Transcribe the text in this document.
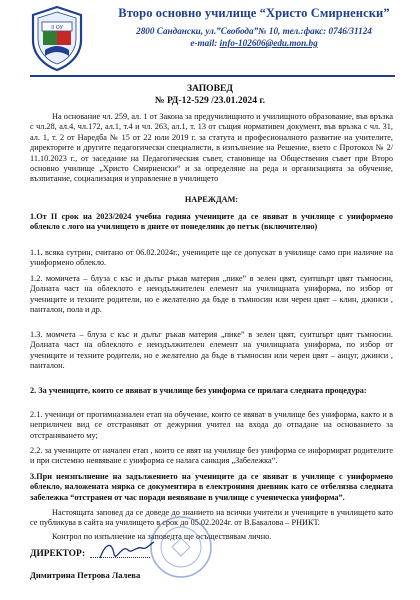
II ОУ
Второ основно училище “Христо Смирненски”
2800 Сандански, ул.”Свобода”№ 10, тел.:факс: 0746/31124
e-mail: info-102606@edu.mon.bg
ЗАПОВЕД
№ РД-12-529 /23.01.2024 г.
На основание чл. 259, ал. 1 от Закона за предучилищното и училищното образование, във връзка с чл.28, ал.4, чл.172, ал.1, т.4 и чл. 263, ал.1, т. 13 от същия нормативен документ, във връзка с чл. 31, ал. 1, т. 2 от Наредба № 15 от 22 юли 2019 г. за статута и професионалното развитие на учителите, директорите и другите педагогически специалисти, в изпълнение на Решение, взето с Протокол № 2/ 11.10.2023 г., от заседание на Педагогическия съвет, становище на Обществения съвет при Второ основно училище „Христо Смирненски“ и за определяне на реда и организацията за обучение, възпитание, социализация и управление в училището
НАРЕЖДАМ:
1.От II срок на 2023/2024 учебна година учениците да се явяват в училище с униформено облекло с лого на училището в дните от понеделник до петък (включително)
1.1. всяка сутрин, считано от 06.02.2024г., учениците ще се допускат в училище само при наличие на униформено облекло.
1.2. момичета – блуза с къс и дълъг ръкав материя „пике” в зелен цвят, суитшърт цвят тъмносин, Долната част на облеклото е неиздължителен елемент на училищната униформа, по избор от учениците и техните родители, но е желателно да бъде в тъмносин или черен цвят – клин, джинси , панталон, пола и др.
1.3. момчета – блуза с къс и дълъг ръкав материя „пике” в зелен цвят, суитшърт цвят тъмносин. Долната част на облеклото е неиздължителен елемент на училищната униформа, по избор от учениците и техните родители, но е желателно да бъде в тъмносин или черен цвят – анцуг, джинси , панталон.
2. За учениците, които се явяват в училище без униформа се прилага следната процедура:
2.1. ученици от прогимназиален етап на обучение, които се явяват в училище без униформа, както и в неприличен вид се отстраняват от дежурния учител на входа до отпадане на основанието за отстраняването му;
2.2. за учениците от начален етап , които се явят на училище без униформа се информират родителите и при системно неявяване с униформа се налага санкция „Забележка“.
3.При неизпълнение на задължението на учениците да се явяват в училище с униформено облекло, наложената мярка се документира в електронния дневник като се отбелязва следната забележка “отстранен от час поради неявяване в училище с ученическа униформа”.
Настоящата заповед да се доведе до знанието на всички учители и учениците в училището като се публикува в сайта на училището в срок до 05.02.2024г. от В.Бакалова – РНИКТ.
Контрол по изпълнение на заповедта ще осъществявам лично.
ДИРЕКТОР:
Димитрина Петрова Лалева
